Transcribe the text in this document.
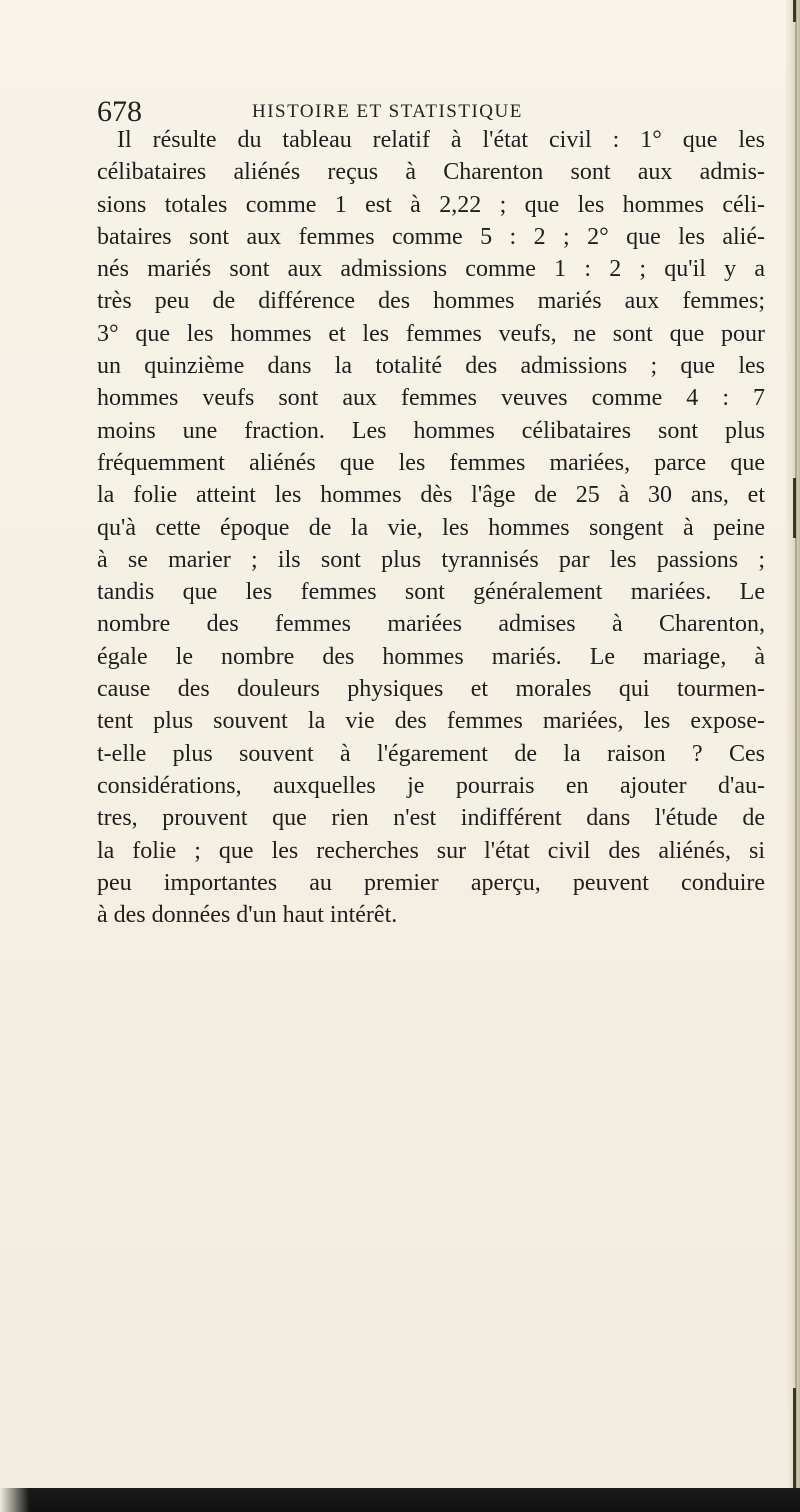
678	HISTOIRE ET STATISTIQUE
Il résulte du tableau relatif à l'état civil : 1° que les
célibataires aliénés reçus à Charenton sont aux admis-
sions totales comme 1 est à 2,22 ; que les hommes céli-
bataires sont aux femmes comme 5 : 2 ; 2° que les alié-
nés mariés sont aux admissions comme 1 : 2 ; qu'il y a
très peu de différence des hommes mariés aux femmes;
3° que les hommes et les femmes veufs, ne sont que pour
un quinzième dans la totalité des admissions ; que les
hommes veufs sont aux femmes veuves comme 4 : 7
moins une fraction. Les hommes célibataires sont plus
fréquemment aliénés que les femmes mariées, parce que
la folie atteint les hommes dès l'âge de 25 à 30 ans, et
qu'à cette époque de la vie, les hommes songent à peine
à se marier ; ils sont plus tyrannisés par les passions ;
tandis que les femmes sont généralement mariées. Le
nombre des femmes mariées admises à Charenton,
égale le nombre des hommes mariés. Le mariage, à
cause des douleurs physiques et morales qui tourmen-
tent plus souvent la vie des femmes mariées, les expose-
t-elle plus souvent à l'égarement de la raison ? Ces
considérations, auxquelles je pourrais en ajouter d'au-
tres, prouvent que rien n'est indifférent dans l'étude de
la folie ; que les recherches sur l'état civil des aliénés, si
peu importantes au premier aperçu, peuvent conduire
à des données d'un haut intérêt.
